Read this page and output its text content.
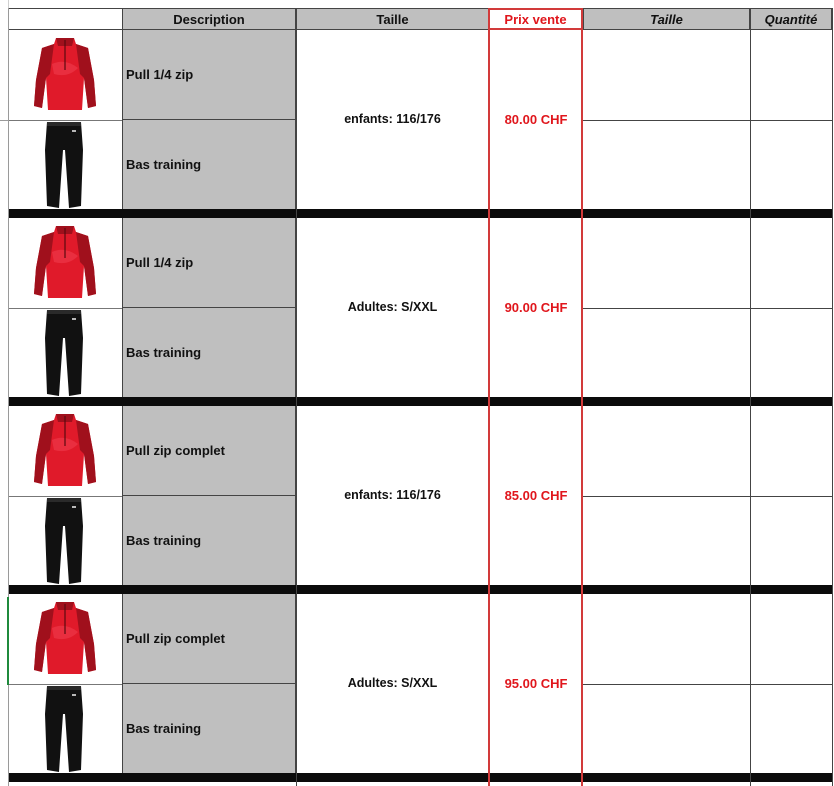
Description	Taille	Prix vente	Taille	Quantité
Pull 1/4 zip
Bas training
enfants: 116/176	80.00 CHF
Pull 1/4 zip
Bas training
Adultes: S/XXL	90.00 CHF
Pull zip complet
Bas training
enfants: 116/176	85.00 CHF
Pull zip complet
Bas training
Adultes: S/XXL	95.00 CHF
